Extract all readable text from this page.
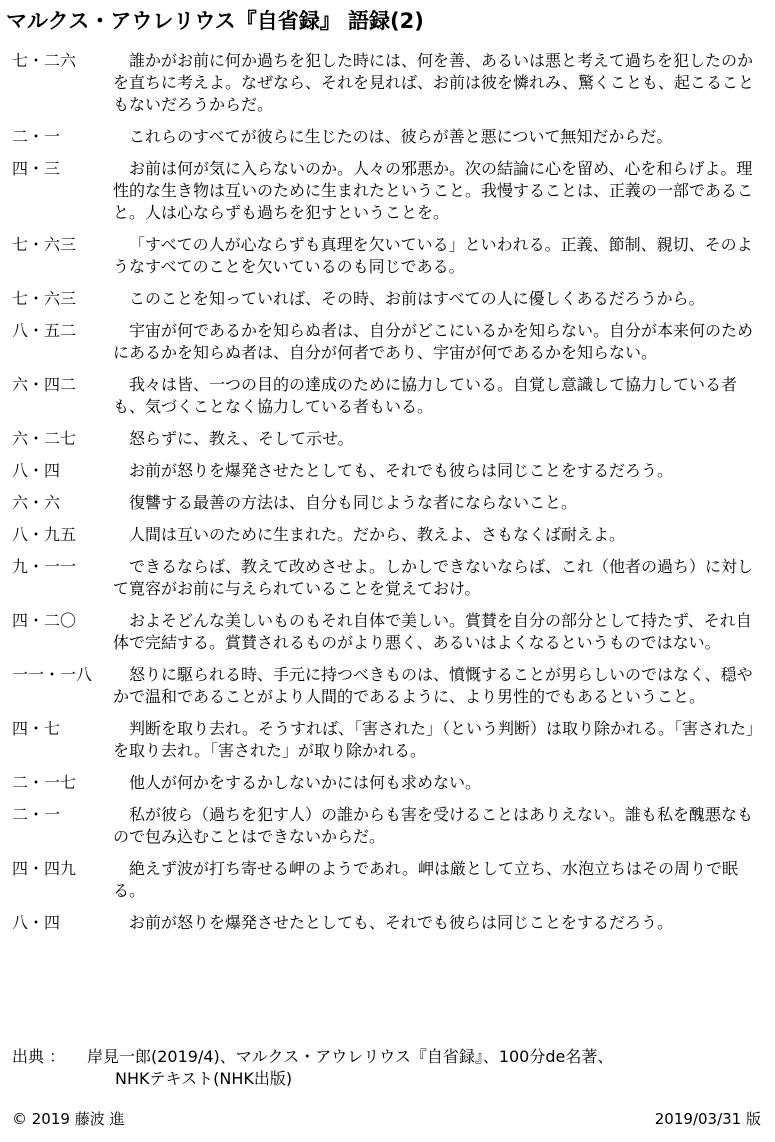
マルクス・アウレリウス『自省録』 語録(2)
七・二六	誰かがお前に何か過ちを犯した時には、何を善、あるいは悪と考えて過ちを犯したのかを直ちに考えよ。なぜなら、それを見れば、お前は彼を憐れみ、驚くことも、起こることもないだろうからだ。
二・一	これらのすべてが彼らに生じたのは、彼らが善と悪について無知だからだ。
四・三	お前は何が気に入らないのか。人々の邪悪か。次の結論に心を留め、心を和らげよ。理性的な生き物は互いのために生まれたということ。我慢することは、正義の一部であること。人は心ならずも過ちを犯すということを。
七・六三	「すべての人が心ならずも真理を欠いている」といわれる。正義、節制、親切、そのようなすべてのことを欠いているのも同じである。
七・六三	このことを知っていれば、その時、お前はすべての人に優しくあるだろうから。
八・五二	宇宙が何であるかを知らぬ者は、自分がどこにいるかを知らない。自分が本来何のためにあるかを知らぬ者は、自分が何者であり、宇宙が何であるかを知らない。
六・四二	我々は皆、一つの目的の達成のために協力している。自覚し意識して協力している者も、気づくことなく協力している者もいる。
六・二七	怒らずに、教え、そして示せ。
八・四	お前が怒りを爆発させたとしても、それでも彼らは同じことをするだろう。
六・六	復讐する最善の方法は、自分も同じような者にならないこと。
八・九五	人間は互いのために生まれた。だから、教えよ、さもなくば耐えよ。
九・一一	できるならば、教えて改めさせよ。しかしできないならば、これ（他者の過ち）に対して寛容がお前に与えられていることを覚えておけ。
四・二〇	およそどんな美しいものもそれ自体で美しい。賞賛を自分の部分として持たず、それ自体で完結する。賞賛されるものがより悪く、あるいはよくなるというものではない。
一一・一八	怒りに駆られる時、手元に持つべきものは、憤慨することが男らしいのではなく、穏やかで温和であることがより人間的であるように、より男性的でもあるということ。
四・七	判断を取り去れ。そうすれば、「害された」（という判断）は取り除かれる。「害された」を取り去れ。「害された」が取り除かれる。
二・一七	他人が何かをするかしないかには何も求めない。
二・一	私が彼ら（過ちを犯す人）の誰からも害を受けることはありえない。誰も私を醜悪なもので包み込むことはできないからだ。
四・四九	絶えず波が打ち寄せる岬のようであれ。岬は厳として立ち、水泡立ちはその周りで眠る。
八・四	お前が怒りを爆発させたとしても、それでも彼らは同じことをするだろう。
出典 ： 岸見一郎(2019/4)、マルクス・アウレリウス『自省録』、100分de名著、
NHKテキスト(NHK出版)
© 2019 藤波 進	2019/03/31 版
